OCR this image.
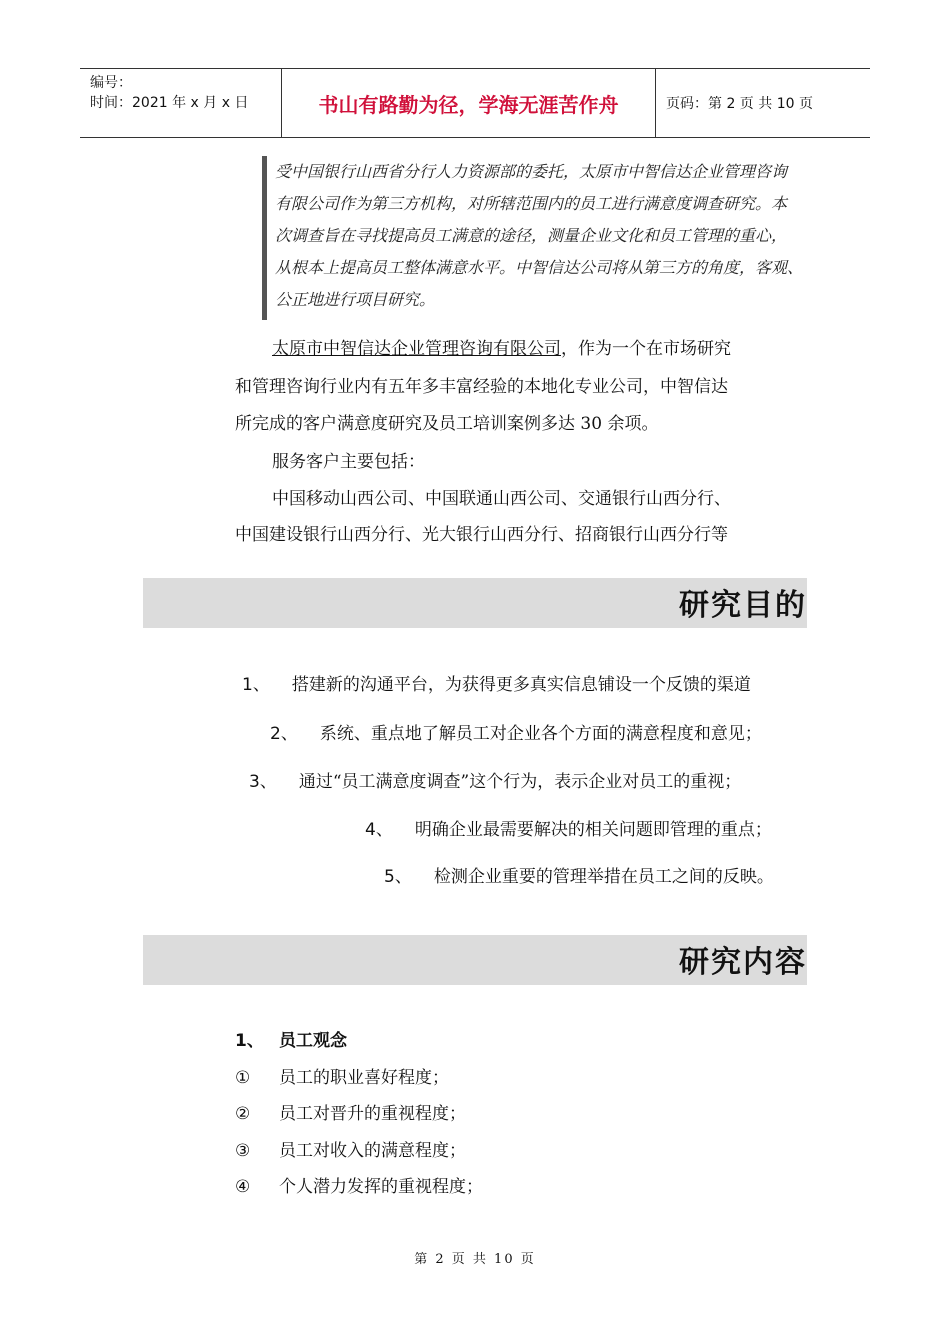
编号：
时间：2021 年 x 月 x 日	书山有路勤为径，学海无涯苦作舟	页码：第 2 页 共 10 页

受中国银行山西省分行人力资源部的委托，太原市中智信达企业管理咨询

有限公司作为第三方机构，对所辖范围内的员工进行满意度调查研究。本

次调查旨在寻找提高员工满意的途径，测量企业文化和员工管理的重心，

从根本上提高员工整体满意水平。中智信达公司将从第三方的角度，客观、

公正地进行项目研究。

太原市中智信达企业管理咨询有限公司，作为一个在市场研究
和管理咨询行业内有五年多丰富经验的本地化专业公司，中智信达
所完成的客户满意度研究及员工培训案例多达 30 余项。
服务客户主要包括：
中国移动山西公司、中国联通山西公司、交通银行山西分行、
中国建设银行山西分行、光大银行山西分行、招商银行山西分行等
研究目的
1、 搭建新的沟通平台，为获得更多真实信息铺设一个反馈的渠道
2、 系统、重点地了解员工对企业各个方面的满意程度和意见；
3、 通过“员工满意度调查”这个行为，表示企业对员工的重视；
4、 明确企业最需要解决的相关问题即管理的重点；
5、 检测企业重要的管理举措在员工之间的反映。
研究内容
1、 员工观念
① 员工的职业喜好程度；
② 员工对晋升的重视程度；
③ 员工对收入的满意程度；
④ 个人潜力发挥的重视程度；
第 2 页 共 10 页
